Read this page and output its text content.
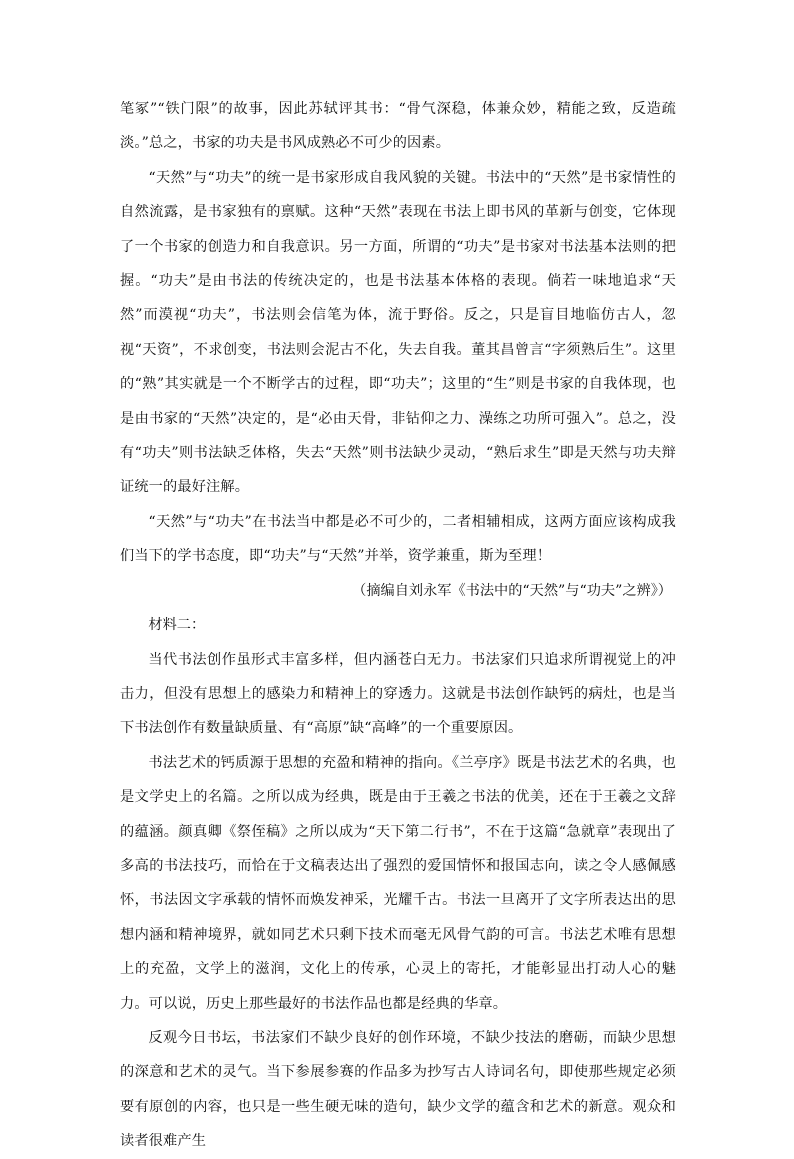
笔冢”“铁门限”的故事，因此苏轼评其书：“骨气深稳，体兼众妙，精能之致，反造疏淡。”总之，书家的功夫是书风成熟必不可少的因素。

“天然”与“功夫”的统一是书家形成自我风貌的关键。书法中的“天然”是书家情性的自然流露，是书家独有的禀赋。这种“天然”表现在书法上即书风的革新与创变，它体现了一个书家的创造力和自我意识。另一方面，所谓的“功夫”是书家对书法基本法则的把握。“功夫”是由书法的传统决定的，也是书法基本体格的表现。倘若一味地追求“天然”而漠视“功夫”，书法则会信笔为体，流于野俗。反之，只是盲目地临仿古人，忽视“天资”，不求创变，书法则会泥古不化，失去自我。董其昌曾言“字须熟后生”。这里的“熟”其实就是一个不断学古的过程，即“功夫”；这里的“生”则是书家的自我体现，也是由书家的“天然”决定的，是“必由天骨，非钻仰之力、澡练之功所可强入”。总之，没有“功夫”则书法缺乏体格，失去“天然”则书法缺少灵动，“熟后求生”即是天然与功夫辩证统一的最好注解。

“天然”与“功夫”在书法当中都是必不可少的，二者相辅相成，这两方面应该构成我们当下的学书态度，即“功夫”与“天然”并举，资学兼重，斯为至理！

（摘编自刘永军《书法中的“天然”与“功夫”之辨》）

材料二：

当代书法创作虽形式丰富多样，但内涵苍白无力。书法家们只追求所谓视觉上的冲击力，但没有思想上的感染力和精神上的穿透力。这就是书法创作缺钙的病灶，也是当下书法创作有数量缺质量、有“高原”缺“高峰”的一个重要原因。

书法艺术的钙质源于思想的充盈和精神的指向。《兰亭序》既是书法艺术的名典，也是文学史上的名篇。之所以成为经典，既是由于王羲之书法的优美，还在于王羲之文辞的蕴涵。颜真卿《祭侄稿》之所以成为“天下第二行书”，不在于这篇“急就章”表现出了多高的书法技巧，而恰在于文稿表达出了强烈的爱国情怀和报国志向，读之令人感佩感怀，书法因文字承载的情怀而焕发神采，光耀千古。书法一旦离开了文字所表达出的思想内涵和精神境界，就如同艺术只剩下技术而毫无风骨气韵的可言。书法艺术唯有思想上的充盈，文学上的滋润，文化上的传承，心灵上的寄托，才能彰显出打动人心的魅力。可以说，历史上那些最好的书法作品也都是经典的华章。

反观今日书坛，书法家们不缺少良好的创作环境，不缺少技法的磨砺，而缺少思想的深意和艺术的灵气。当下参展参赛的作品多为抄写古人诗词名句，即使那些规定必须要有原创的内容，也只是一些生硬无味的造句，缺少文学的蕴含和艺术的新意。观众和读者很难产生
